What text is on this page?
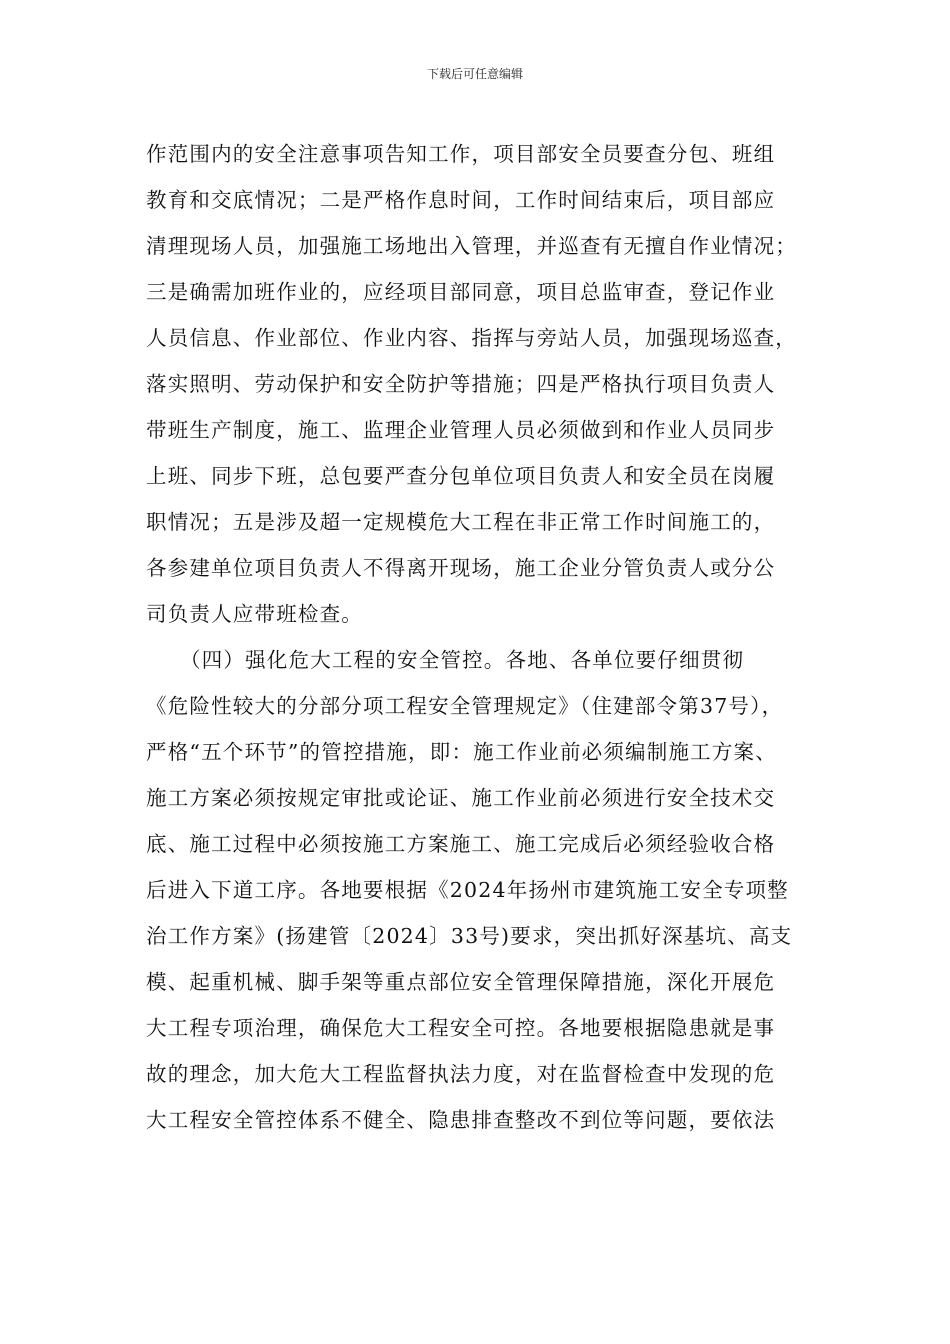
下载后可任意编辑
作范围内的安全注意事项告知工作，项目部安全员要查分包、班组
教育和交底情况；二是严格作息时间，工作时间结束后，项目部应
清理现场人员，加强施工场地出入管理，并巡查有无擅自作业情况；
三是确需加班作业的，应经项目部同意，项目总监审查，登记作业
人员信息、作业部位、作业内容、指挥与旁站人员，加强现场巡查，
落实照明、劳动保护和安全防护等措施；四是严格执行项目负责人
带班生产制度，施工、监理企业管理人员必须做到和作业人员同步
上班、同步下班，总包要严查分包单位项目负责人和安全员在岗履
职情况；五是涉及超一定规模危大工程在非正常工作时间施工的，
各参建单位项目负责人不得离开现场，施工企业分管负责人或分公
司负责人应带班检查。
（四）强化危大工程的安全管控。各地、各单位要仔细贯彻
《危险性较大的分部分项工程安全管理规定》（住建部令第37号），
严格“五个环节”的管控措施，即：施工作业前必须编制施工方案、
施工方案必须按规定审批或论证、施工作业前必须进行安全技术交
底、施工过程中必须按施工方案施工、施工完成后必须经验收合格
后进入下道工序。各地要根据《2024年扬州市建筑施工安全专项整
治工作方案》(扬建管〔2024〕33号)要求，突出抓好深基坑、高支
模、起重机械、脚手架等重点部位安全管理保障措施，深化开展危
大工程专项治理，确保危大工程安全可控。各地要根据隐患就是事
故的理念，加大危大工程监督执法力度，对在监督检查中发现的危
大工程安全管控体系不健全、隐患排查整改不到位等问题，要依法
